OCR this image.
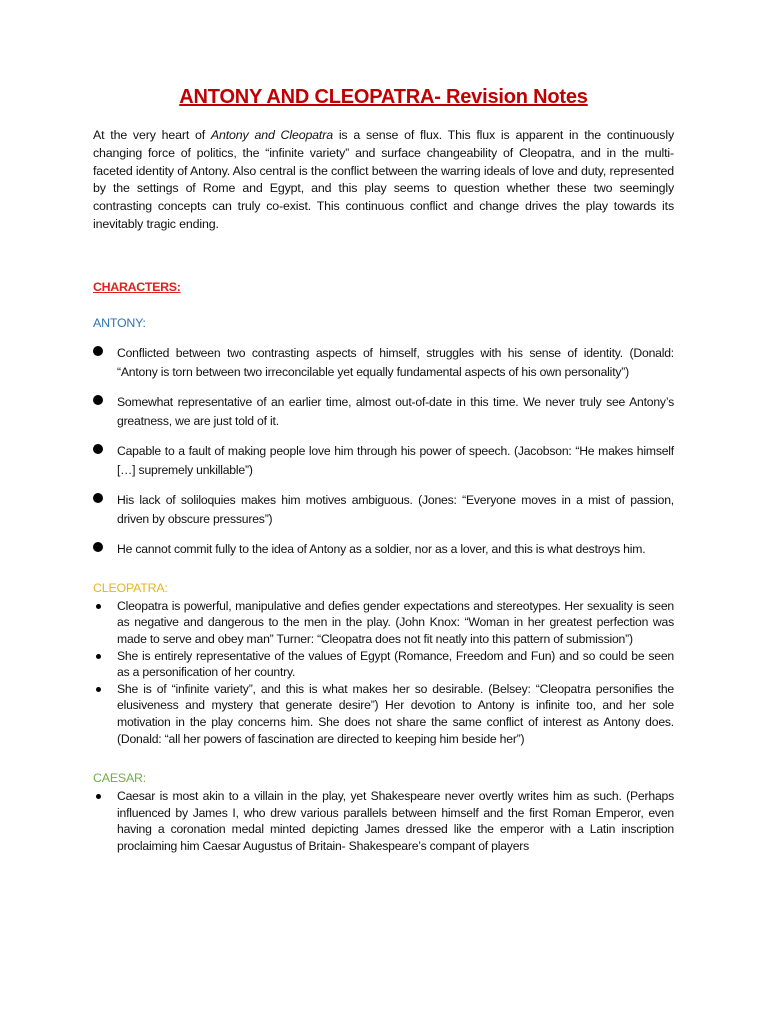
ANTONY AND CLEOPATRA- Revision Notes

At the very heart of Antony and Cleopatra is a sense of flux. This flux is apparent in the continuously changing force of politics, the “infinite variety” and surface changeability of Cleopatra, and in the multi-faceted identity of Antony. Also central is the conflict between the warring ideals of love and duty, represented by the settings of Rome and Egypt, and this play seems to question whether these two seemingly contrasting concepts can truly co-exist. This continuous conflict and change drives the play towards its inevitably tragic ending.

CHARACTERS:
ANTONY:
Conflicted between two contrasting aspects of himself, struggles with his sense of identity. (Donald: “Antony is torn between two irreconcilable yet equally fundamental aspects of his own personality”)
Somewhat representative of an earlier time, almost out-of-date in this time. We never truly see Antony’s greatness, we are just told of it.
Capable to a fault of making people love him through his power of speech. (Jacobson: “He makes himself […] supremely unkillable”)
His lack of soliloquies makes him motives ambiguous. (Jones: “Everyone moves in a mist of passion, driven by obscure pressures”)
He cannot commit fully to the idea of Antony as a soldier, nor as a lover, and this is what destroys him.
CLEOPATRA:
Cleopatra is powerful, manipulative and defies gender expectations and stereotypes. Her sexuality is seen as negative and dangerous to the men in the play. (John Knox: “Woman in her greatest perfection was made to serve and obey man” Turner: “Cleopatra does not fit neatly into this pattern of submission”)
She is entirely representative of the values of Egypt (Romance, Freedom and Fun) and so could be seen as a personification of her country.
She is of “infinite variety”, and this is what makes her so desirable. (Belsey: “Cleopatra personifies the elusiveness and mystery that generate desire”) Her devotion to Antony is infinite too, and her sole motivation in the play concerns him. She does not share the same conflict of interest as Antony does. (Donald: “all her powers of fascination are directed to keeping him beside her”)
CAESAR:
Caesar is most akin to a villain in the play, yet Shakespeare never overtly writes him as such. (Perhaps influenced by James I, who drew various parallels between himself and the first Roman Emperor, even having a coronation medal minted depicting James dressed like the emperor with a Latin inscription proclaiming him Caesar Augustus of Britain- Shakespeare’s compant of players
